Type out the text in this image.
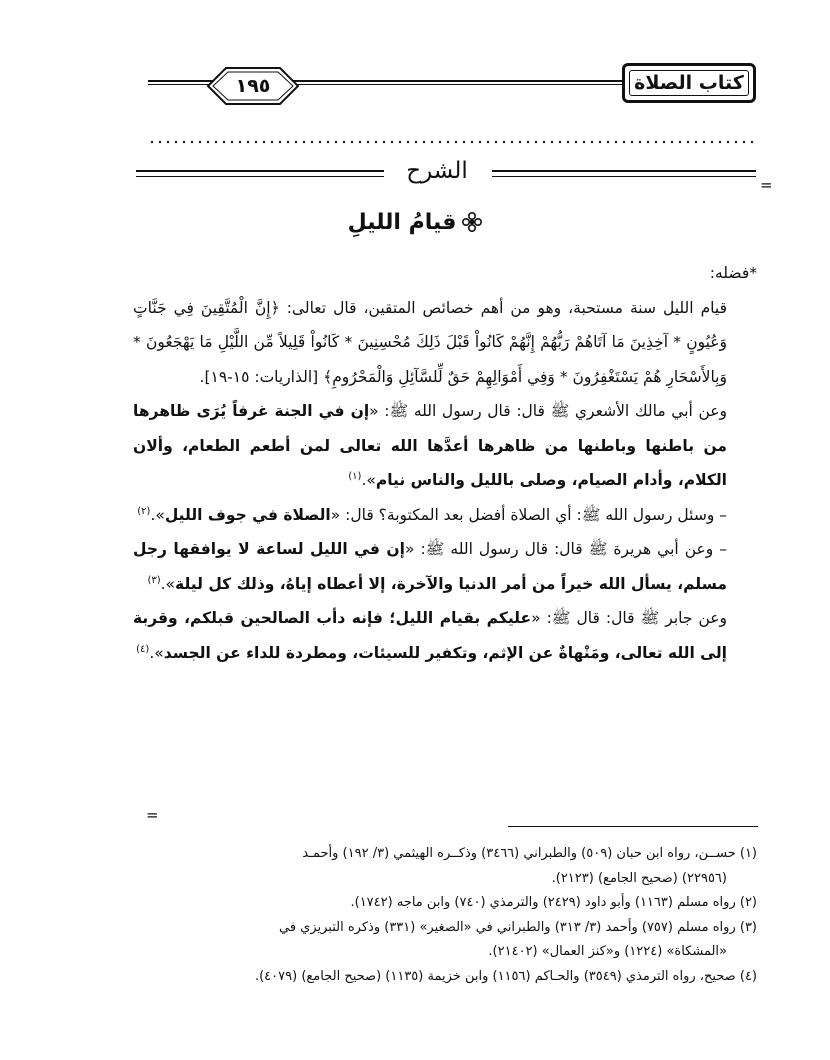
كتاب الصلاة
١٩٥
الشرح
=
قيامُ الليلِ

*فضله:

قيام الليل سنة مستحبة، وهو من أهم خصائص المتقين، قال تعالى: ﴿إِنَّ الْمُتَّقِينَ فِي جَنَّاتٍ وَعُيُونٍ * آخِذِينَ مَا آتَاهُمْ رَبُّهُمْ إِنَّهُمْ كَانُواْ قَبْلَ ذَلِكَ مُحْسِنِينَ * كَانُواْ قَلِيلاً مِّن اللَّيْلِ مَا يَهْجَعُونَ * وَبِالأَسْحَارِ هُمْ يَسْتَغْفِرُونَ * وَفِي أَمْوَالِهِمْ حَقٌ لِّلسَّآئِلِ وَالْمَحْرُومِ﴾ [الذاريات: ١٥-١٩].

وعن أبي مالك الأشعري ﷺ قال: قال رسول الله ﷺ: «إن في الجنة غرفاً يُرَى ظاهرها من باطنها وباطنها من ظاهرها أعدَّها الله تعالى لمن أطعم الطعام، وألان الكلام، وأدام الصيام، وصلى بالليل والناس نيام».$^{(١)}$

– وسئل رسول الله ﷺ: أي الصلاة أفضل بعد المكتوبة؟ قال: «الصلاة في جوف الليل».$^{(٢)}$

– وعن أبي هريرة ﷺ قال: قال رسول الله ﷺ: «إن في الليل لساعة لا يوافقها رجل مسلم، يسأل الله خيراً من أمر الدنيا والآخرة، إلا أعطاه إياهُ، وذلك كل ليلة».$^{(٣)}$

وعن جابر ﷺ قال: قال ﷺ: «عليكم بقيام الليل؛ فإنه دأب الصالحين قبلكم، وقربة إلى الله تعالى، ومَنْهاةٌ عن الإثم، وتكفير للسيئات، ومطردة للداء عن الجسد».$^{(٤)}$

=

(١) حســن، رواه ابن حبان (٥٠٩) والطبراني (٣٤٦٦) وذكــره الهيثمي (٣/ ١٩٢) وأحمـد

(٢٢٩٥٦) (صحيح الجامع) (٢١٢٣).

(٢) رواه مسلم (١١٦٣) وأبو داود (٢٤٢٩) والترمذي (٧٤٠) وابن ماجه (١٧٤٢).

(٣) رواه مسلم (٧٥٧) وأحمد (٣/ ٣١٣) والطبراني في «الصغير» (٣٣١) وذكره التبريزي في

«المشكاة» (١٢٢٤) و«كنز العمال» (٢١٤٠٢).

(٤) صحيح، رواه الترمذي (٣٥٤٩) والحـاكم (١١٥٦) وابن خزيمة (١١٣٥) (صحيح الجامع) (٤٠٧٩).
